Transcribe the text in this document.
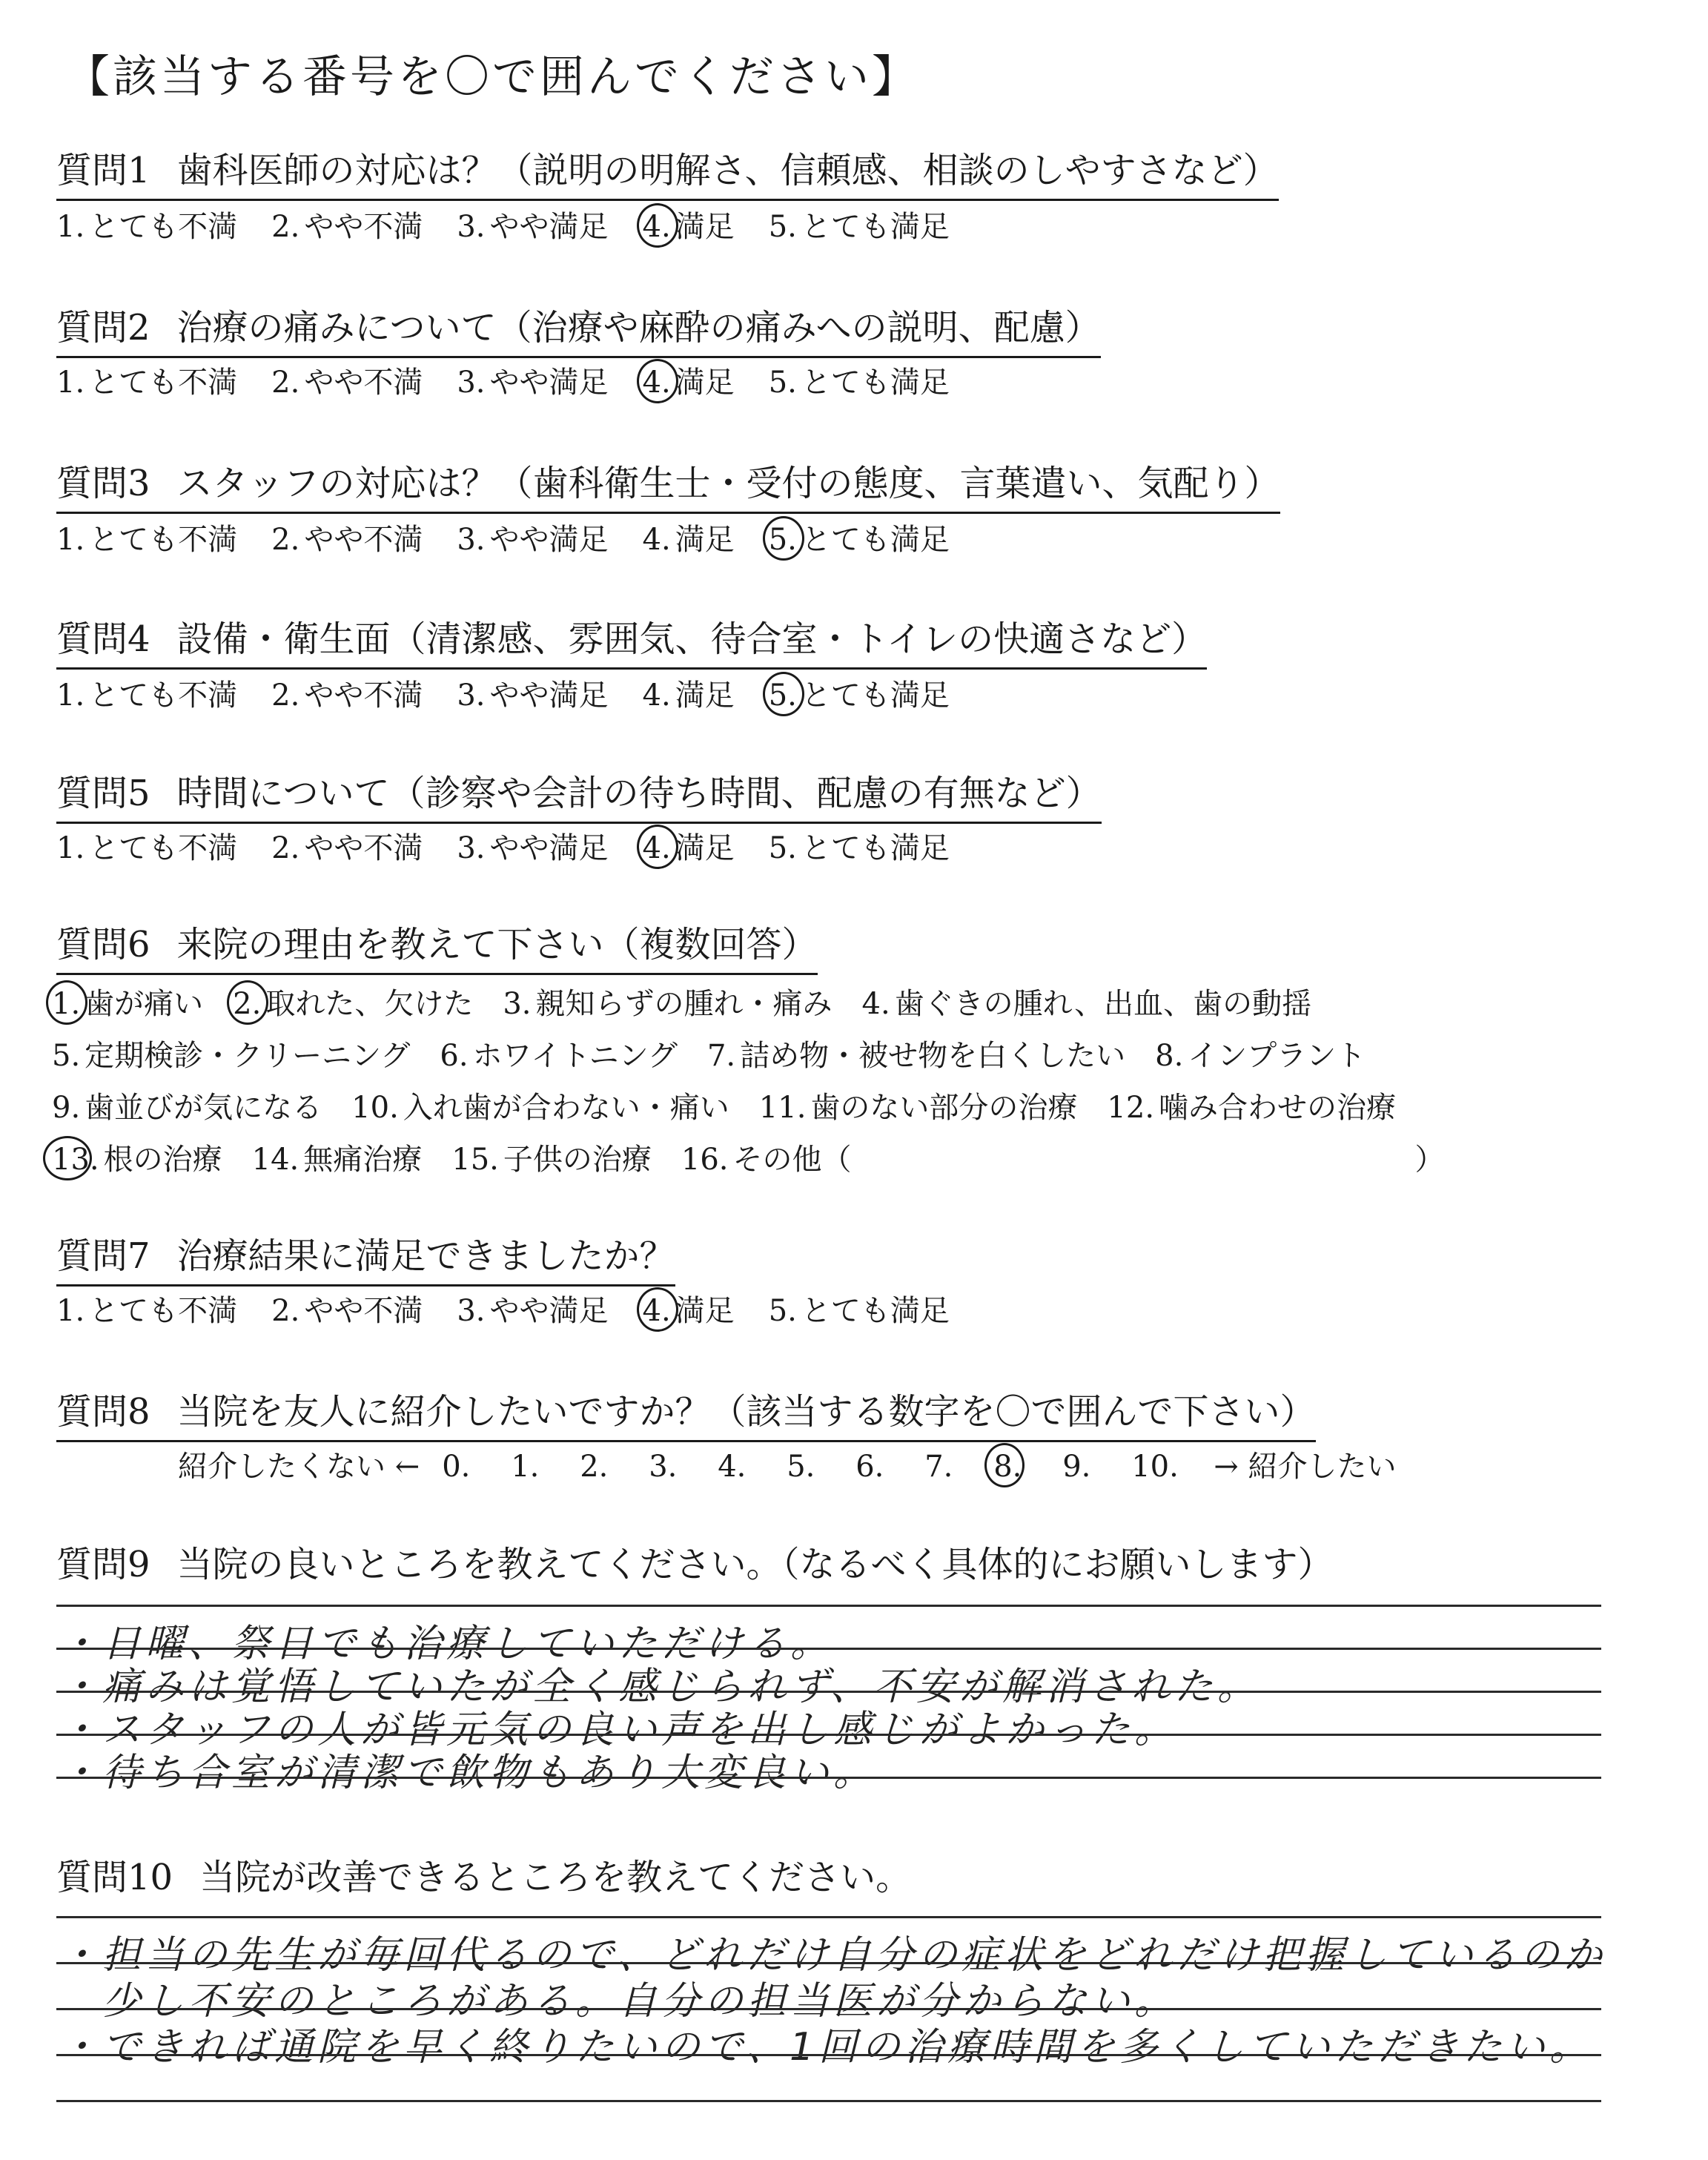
【該当する番号を〇で囲んでください】
質問1 歯科医師の対応は？（説明の明解さ、信頼感、相談のしやすさなど）
1. とても不満 2. やや不満 3. やや満足 4. 満足 5. とても満足
質問2 治療の痛みについて（治療や麻酔の痛みへの説明、配慮）
1. とても不満 2. やや不満 3. やや満足 4. 満足 5. とても満足
質問3 スタッフの対応は？（歯科衛生士・受付の態度、言葉遣い、気配り）
1. とても不満 2. やや不満 3. やや満足 4. 満足 5. とても満足
質問4 設備・衛生面（清潔感、雰囲気、待合室・トイレの快適さなど）
1. とても不満 2. やや不満 3. やや満足 4. 満足 5. とても満足
質問5 時間について（診察や会計の待ち時間、配慮の有無など）
1. とても不満 2. やや不満 3. やや満足 4. 満足 5. とても満足
質問6 来院の理由を教えて下さい（複数回答）
1. 歯が痛い 2. 取れた、欠けた 3. 親知らずの腫れ・痛み 4. 歯ぐきの腫れ、出血、歯の動揺
5. 定期検診・クリーニング 6. ホワイトニング 7. 詰め物・被せ物を白くしたい 8. インプラント
9. 歯並びが気になる 10. 入れ歯が合わない・痛い 11. 歯のない部分の治療 12. 噛み合わせの治療
13. 根の治療 14. 無痛治療 15. 子供の治療 16. その他（	）
質問7 治療結果に満足できましたか？
1. とても不満 2. やや不満 3. やや満足 4. 満足 5. とても満足
質問8 当院を友人に紹介したいですか？（該当する数字を〇で囲んで下さい）
紹介したくない ← 0. 1. 2. 3. 4. 5. 6. 7. 8. 9. 10. → 紹介したい
質問9 当院の良いところを教えてください。（なるべく具体的にお願いします）
・日曜、祭日でも治療していただける。
・痛みは覚悟していたが全く感じられず、不安が解消された。
・スタッフの人が皆元気の良い声を出し感じがよかった。
・待ち合室が清潔で飲物もあり大変良い。
質問10 当院が改善できるところを教えてください。
・担当の先生が毎回代るので、どれだけ自分の症状をどれだけ把握しているのか
　少し不安のところがある。自分の担当医が分からない。
・できれば通院を早く終りたいので、1回の治療時間を多くしていただきたい。
